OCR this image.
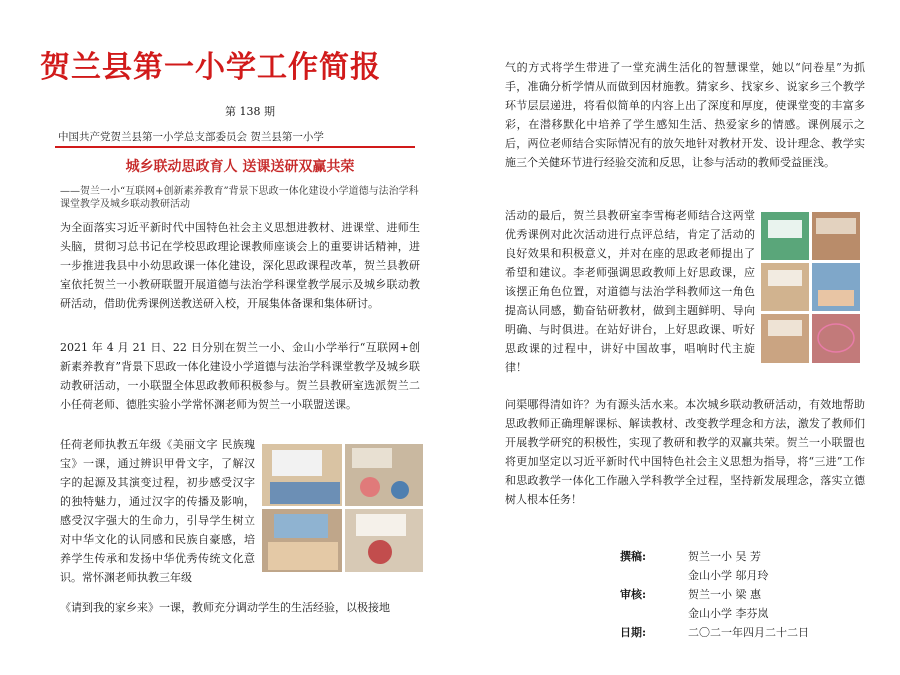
贺兰县第一小学工作简报
第 138 期
中国共产党贺兰县第一小学总支部委员会 贺兰县第一小学
城乡联动思政育人 送课送研双赢共荣
——贺兰一小“互联网+创新素养教育”背景下思政一体化建设小学道德与法治学科课堂教学及城乡联动教研活动
为全面落实习近平新时代中国特色社会主义思想进教材、进课堂、进师生头脑，贯彻习总书记在学校思政理论课教师座谈会上的重要讲话精神，进一步推进我县中小幼思政课一体化建设，深化思政课程改革，贺兰县教研室依托贺兰一小教研联盟开展道德与法治学科课堂教学展示及城乡联动教研活动，借助优秀课例送教送研入校，开展集体备课和集体研讨。
2021 年 4 月 21 日、22 日分别在贺兰一小、金山小学举行“互联网+创新素养教育”背景下思政一体化建设小学道德与法治学科课堂教学及城乡联动教研活动，一小联盟全体思政教师积极参与。贺兰县教研室选派贺兰二小任荷老师、德胜实验小学常怀渊老师为贺兰一小联盟送课。
任荷老师执教五年级《美丽文字 民族瑰宝》一课，通过辨识甲骨文字，了解汉字的起源及其演变过程，初步感受汉字的独特魅力，通过汉字的传播及影响，感受汉字强大的生命力，引导学生树立对中华文化的认同感和民族自豪感，培养学生传承和发扬中华优秀传统文化意识。常怀渊老师执教三年级
《请到我的家乡来》一课，教师充分调动学生的生活经验，以极接地
气的方式将学生带进了一堂充满生活化的智慧课堂，她以“问卷星”为抓手，准确分析学情从而做到因材施教。猜家乡、找家乡、说家乡三个教学环节层层递进，将看似简单的内容上出了深度和厚度，使课堂变的丰富多彩，在潜移默化中培养了学生感知生活、热爱家乡的情感。课例展示之后，两位老师结合实际情况有的放矢地针对教材开发、设计理念、教学实施三个关健环节进行经验交流和反思，让参与活动的教师受益匪浅。
活动的最后，贺兰县教研室李雪梅老师结合这两堂优秀课例对此次活动进行点评总结，肯定了活动的良好效果和积极意义，并对在座的思政老师提出了希望和建议。李老师强调思政教师上好思政课，应该摆正角色位置，对道德与法治学科教师这一角色提高认同感，勤奋钻研教材，做到主题鲜明、导向明确、与时俱进。在站好讲台，上好思政课、听好思政课的过程中，讲好中国故事，唱响时代主旋律！
问渠哪得清如许？为有源头活水来。本次城乡联动教研活动，有效地帮助思政教师正确理解课标、解读教材、改变教学理念和方法，激发了教师们开展教学研究的积极性，实现了教研和教学的双赢共荣。贺兰一小联盟也将更加坚定以习近平新时代中国特色社会主义思想为指导，将“三进”工作和思政教学一体化工作融入学科教学全过程，坚持新发展理念，落实立德树人根本任务！
撰稿:	贺兰一小 吴 芳
金山小学 邬月玲
审核:	贺兰一小 梁 惠
金山小学 李芬岚
日期:	二〇二一年四月二十二日
